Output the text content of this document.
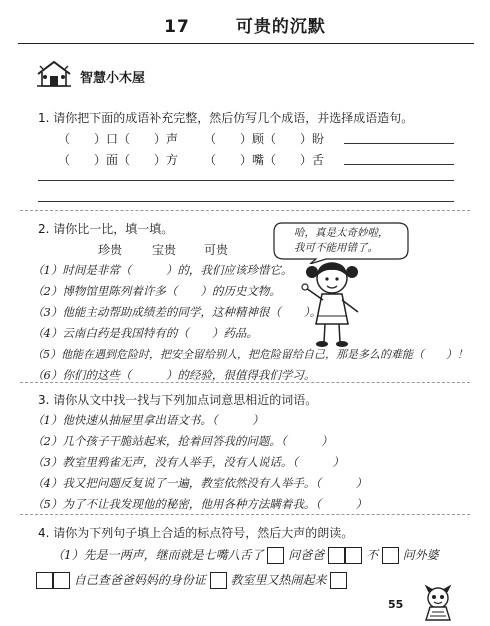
17	可贵的沉默
智慧小木屋
1. 请你把下面的成语补充完整，然后仿写几个成语，并选择成语造句。
（　　）口（　　）声 （　　）顾（　　）盼
（　　）面（　　）方 （　　）嘴（　　）舌
2. 请你比一比，填一填。
珍贵 宝贵 可贵
哈，真是太奇妙啦，我可不能用错了。
（1）时间是非常（　　　）的，我们应该珍惜它。
（2）博物馆里陈列着许多（　　）的历史文物。
（3）他能主动帮助成绩差的同学，这种精神很（　　）。
（4）云南白药是我国特有的（　　）药品。
（5）他能在遇到危险时，把安全留给别人，把危险留给自己，那是多么的难能（　　）！
（6）你们的这些（　　　）的经验，很值得我们学习。
3. 请你从文中找一找与下列加点词意思相近的词语。
（1）他快速从抽屉里拿出语文书。（　　　）
（2）几个孩子干脆站起来，抢着回答我的问题。（　　　）
（3）教室里鸦雀无声，没有人举手，没有人说话。（　　　）
（4）我又把问题反复说了一遍，教室依然没有人举手。（　　　）
（5）为了不让我发现他的秘密，他用各种方法瞒着我。（　　　）
4. 请你为下列句子填上合适的标点符号，然后大声的朗读。
（1）先是一两声，继而就是七嘴八舌了 问爸爸	不 问外婆
自己查爸爸妈妈的身份证 教室里又热闹起来
55
